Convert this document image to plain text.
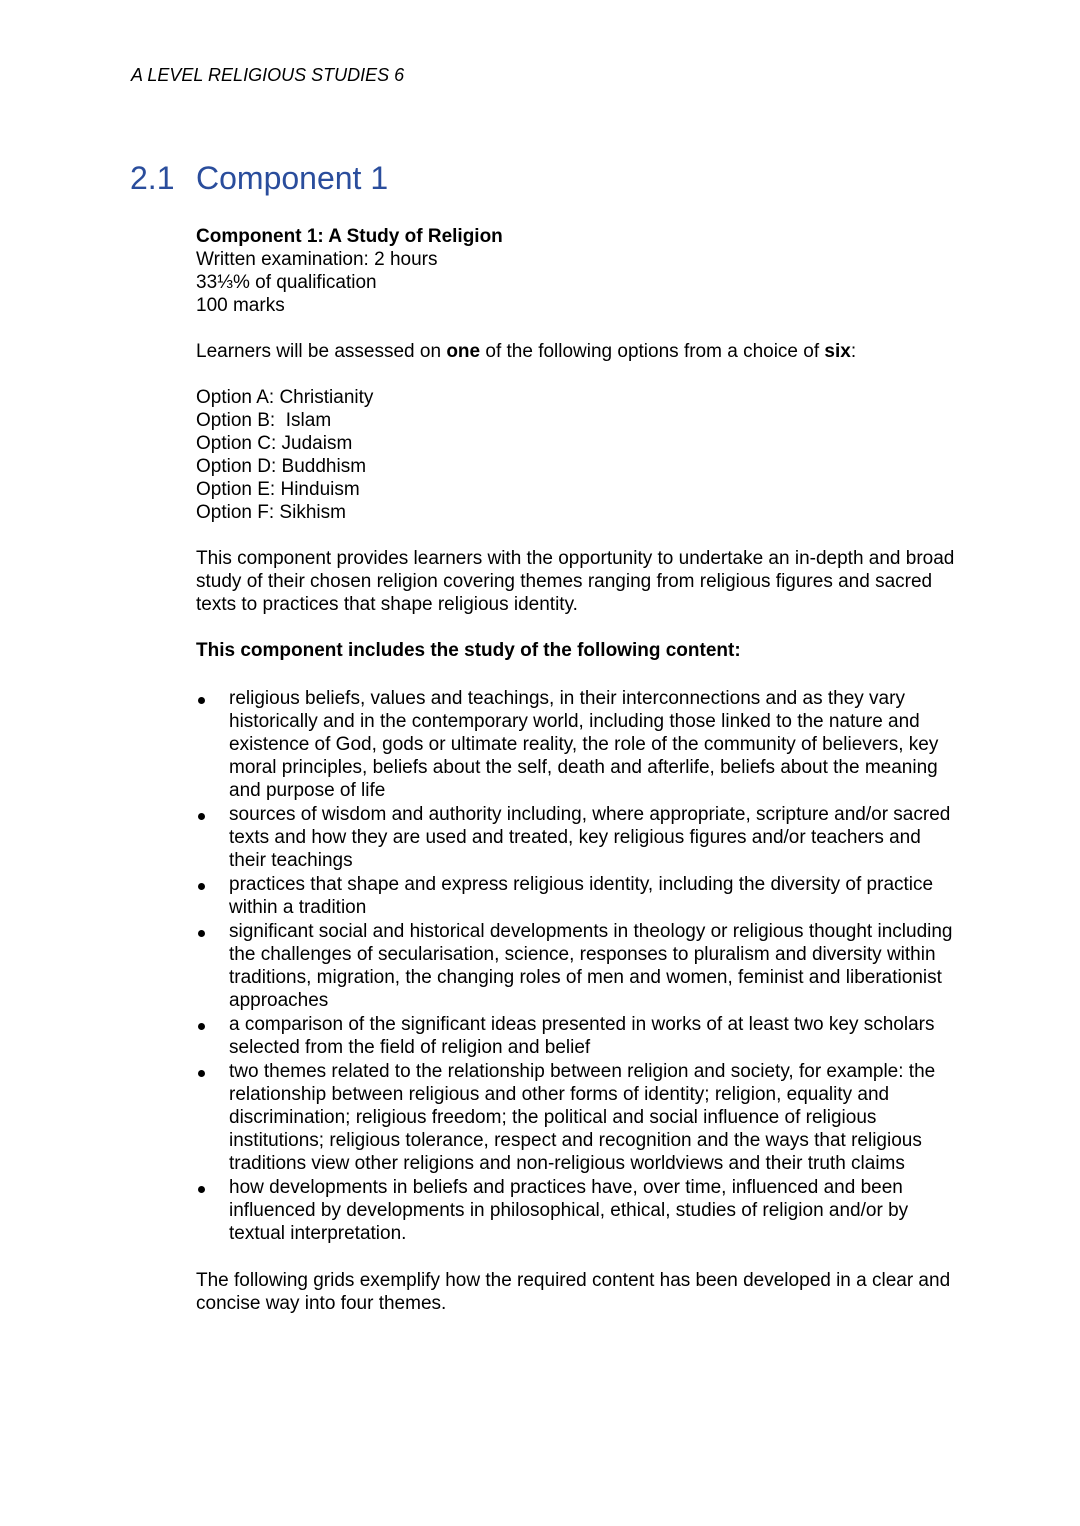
A LEVEL RELIGIOUS STUDIES 6
2.1 Component 1

Component 1: A Study of Religion

Written examination: 2 hours

33⅓% of qualification

100 marks

Learners will be assessed on one of the following options from a choice of six:

Option A: Christianity

Option B:  Islam

Option C: Judaism

Option D: Buddhism

Option E: Hinduism

Option F: Sikhism

This component provides learners with the opportunity to undertake an in-depth and broad study of their chosen religion covering themes ranging from religious figures and sacred texts to practices that shape religious identity.

This component includes the study of the following content:

religious beliefs, values and teachings, in their interconnections and as they vary historically and in the contemporary world, including those linked to the nature and existence of God, gods or ultimate reality, the role of the community of believers, key moral principles, beliefs about the self, death and afterlife, beliefs about the meaning and purpose of life
sources of wisdom and authority including, where appropriate, scripture and/or sacred texts and how they are used and treated, key religious figures and/or teachers and their teachings
practices that shape and express religious identity, including the diversity of practice within a tradition
significant social and historical developments in theology or religious thought including the challenges of secularisation, science, responses to pluralism and diversity within traditions, migration, the changing roles of men and women, feminist and liberationist approaches
a comparison of the significant ideas presented in works of at least two key scholars selected from the field of religion and belief
two themes related to the relationship between religion and society, for example: the relationship between religious and other forms of identity; religion, equality and discrimination; religious freedom; the political and social influence of religious institutions; religious tolerance, respect and recognition and the ways that religious traditions view other religions and non-religious worldviews and their truth claims
how developments in beliefs and practices have, over time, influenced and been influenced by developments in philosophical, ethical, studies of religion and/or by textual interpretation.

The following grids exemplify how the required content has been developed in a clear and concise way into four themes.
